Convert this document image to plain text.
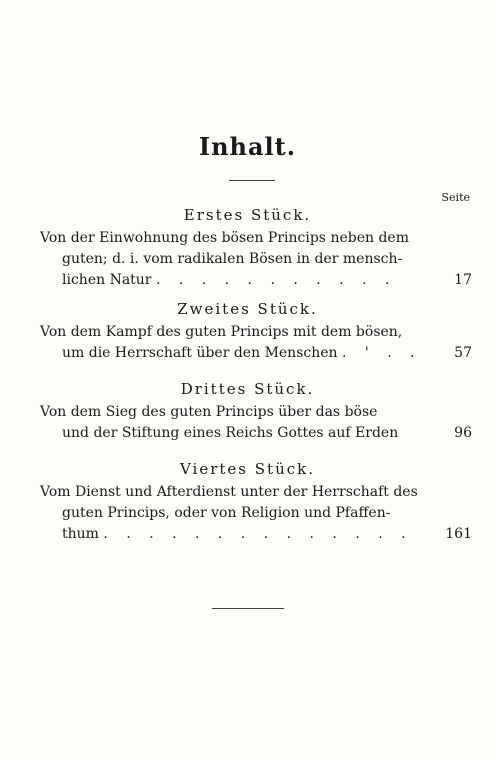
Inhalt.
Seite
Erstes Stück.
Von der Einwohnung des bösen Princips neben dem
guten; d. i. vom radikalen Bösen in der mensch-
lichen Natur . . . . . . . . . . .	17
Zweites Stück.
Von dem Kampf des guten Princips mit dem bösen,
um die Herrschaft über den Menschen . ' . . 57
Drittes Stück.
Von dem Sieg des guten Princips über das böse
und der Stiftung eines Reichs Gottes auf Erden	96
Viertes Stück.
Vom Dienst und Afterdienst unter der Herrschaft des
guten Princips, oder von Religion und Pfaffen-
thum . . . . . . . . . . . . . . 161
